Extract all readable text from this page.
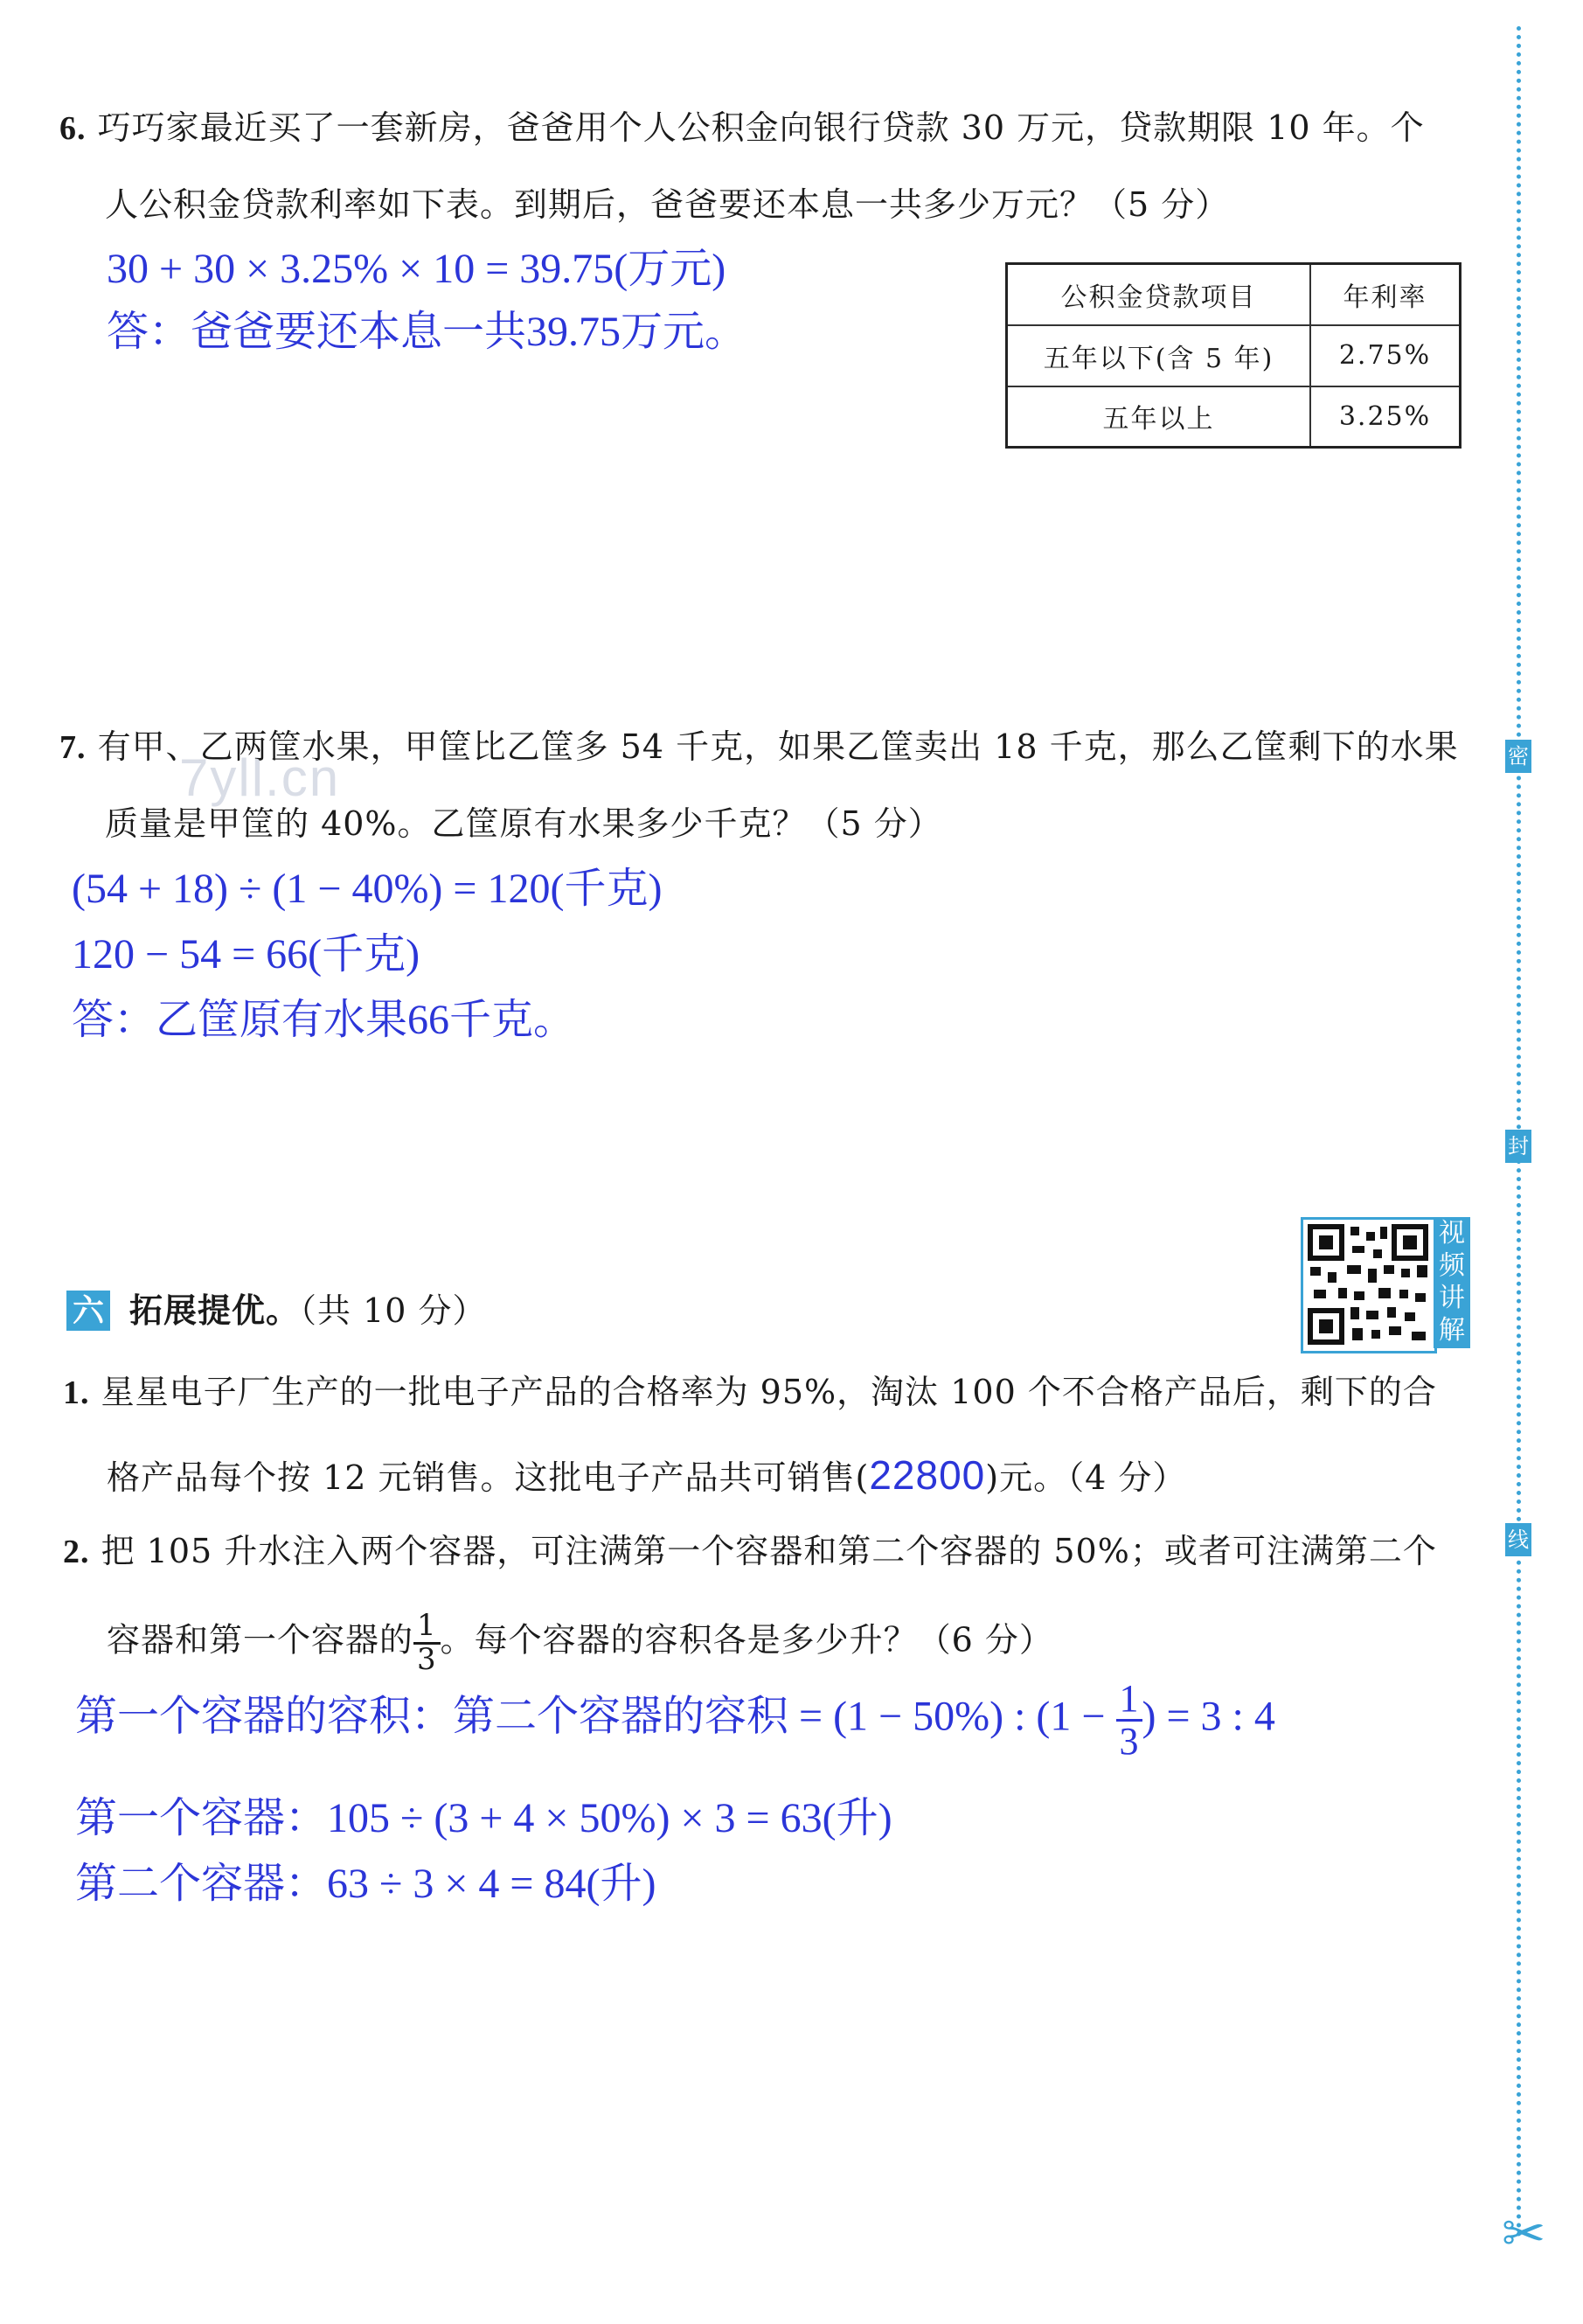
密
封
线
✂
7yll.cn
6. 巧巧家最近买了一套新房，爸爸用个人公积金向银行贷款 30 万元，贷款期限 10 年。个
人公积金贷款利率如下表。到期后，爸爸要还本息一共多少万元？（5 分）
30 + 30 × 3.25% × 10 = 39.75(万元)
答：爸爸要还本息一共39.75万元。
公积金贷款项目	年利率
五年以下(含 5 年)	2.75%
五年以上	3.25%
7. 有甲、乙两筐水果，甲筐比乙筐多 54 千克，如果乙筐卖出 18 千克，那么乙筐剩下的水果
质量是甲筐的 40%。乙筐原有水果多少千克？（5 分）
(54 + 18) ÷ (1 − 40%) = 120(千克)
120 − 54 = 66(千克)
答：乙筐原有水果66千克。
六 拓展提优。（共 10 分）
视
频
讲
解
1. 星星电子厂生产的一批电子产品的合格率为 95%，淘汰 100 个不合格产品后，剩下的合
格产品每个按 12 元销售。这批电子产品共可销售(22800)元。（4 分）
2. 把 105 升水注入两个容器，可注满第一个容器和第二个容器的 50%；或者可注满第二个
容器和第一个容器的 $\frac{1}{3}$ 。每个容器的容积各是多少升？（6 分）
第一个容器的容积：第二个容器的容积 = (1 − 50%) : ($1 - \frac{1}{3}$ ) = 3 : 4
第一个容器：105 ÷ (3 + 4 × 50%) × 3 = 63(升)
第二个容器：63 ÷ 3 × 4 = 84(升)
